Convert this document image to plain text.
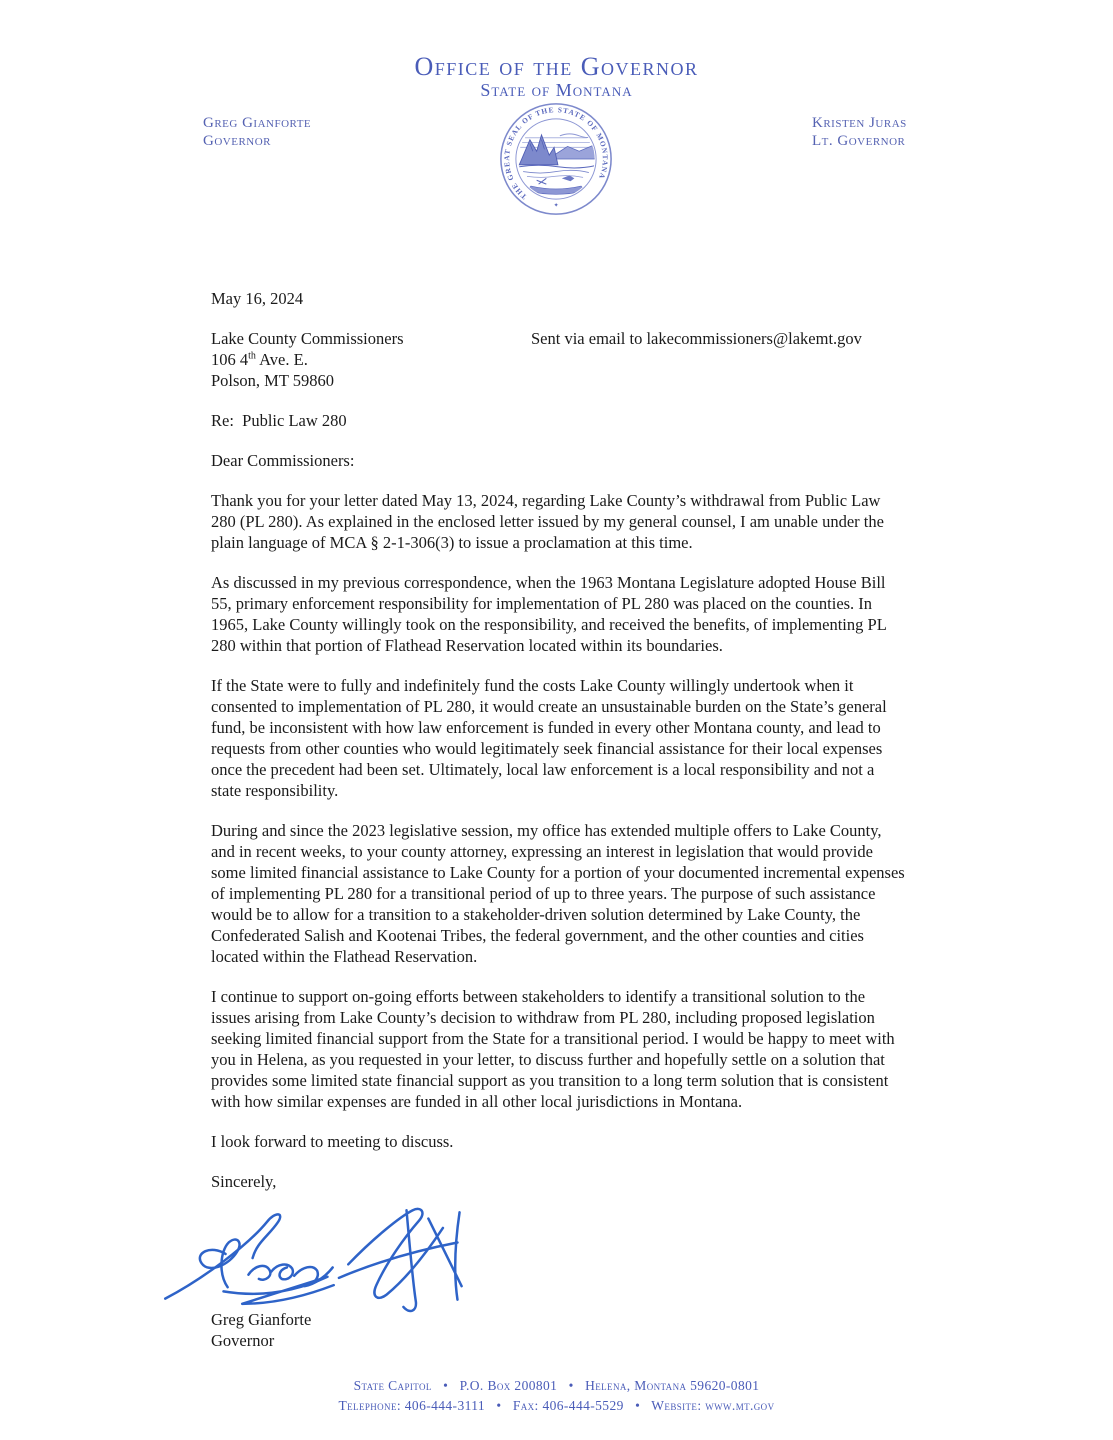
Office of the Governor
State of Montana
Greg Gianforte
Governor
Kristen Juras
Lt. Governor
THE GREAT SEAL OF THE STATE OF MONTANA
✦

May 16, 2024

Lake County Commissioners
106 4th Ave. E.
Polson, MT 59860
Sent via email to lakecommissioners@lakemt.gov

Re:  Public Law 280

Dear Commissioners:

Thank you for your letter dated May 13, 2024, regarding Lake County’s withdrawal from Public Law 280 (PL 280). As explained in the enclosed letter issued by my general counsel, I am unable under the plain language of MCA § 2-1-306(3) to issue a proclamation at this time.

As discussed in my previous correspondence, when the 1963 Montana Legislature adopted House Bill 55, primary enforcement responsibility for implementation of PL 280 was placed on the counties. In 1965, Lake County willingly took on the responsibility, and received the benefits, of implementing PL 280 within that portion of Flathead Reservation located within its boundaries.

If the State were to fully and indefinitely fund the costs Lake County willingly undertook when it consented to implementation of PL 280, it would create an unsustainable burden on the State’s general fund, be inconsistent with how law enforcement is funded in every other Montana county, and lead to requests from other counties who would legitimately seek financial assistance for their local expenses once the precedent had been set. Ultimately, local law enforcement is a local responsibility and not a state responsibility.

During and since the 2023 legislative session, my office has extended multiple offers to Lake County, and in recent weeks, to your county attorney, expressing an interest in legislation that would provide some limited financial assistance to Lake County for a portion of your documented incremental expenses of implementing PL 280 for a transitional period of up to three years. The purpose of such assistance would be to allow for a transition to a stakeholder-driven solution determined by Lake County, the Confederated Salish and Kootenai Tribes, the federal government, and the other counties and cities located within the Flathead Reservation.

I continue to support on-going efforts between stakeholders to identify a transitional solution to the issues arising from Lake County’s decision to withdraw from PL 280, including proposed legislation seeking limited financial support from the State for a transitional period. I would be happy to meet with you in Helena, as you requested in your letter, to discuss further and hopefully settle on a solution that provides some limited state financial support as you transition to a long term solution that is consistent with how similar expenses are funded in all other local jurisdictions in Montana.

I look forward to meeting to discuss.

Sincerely,

Greg Gianforte
Governor
State Capitol   •   P.O. Box 200801   •   Helena, Montana 59620-0801
Telephone: 406-444-3111   •   Fax: 406-444-5529   •   Website: www.mt.gov
